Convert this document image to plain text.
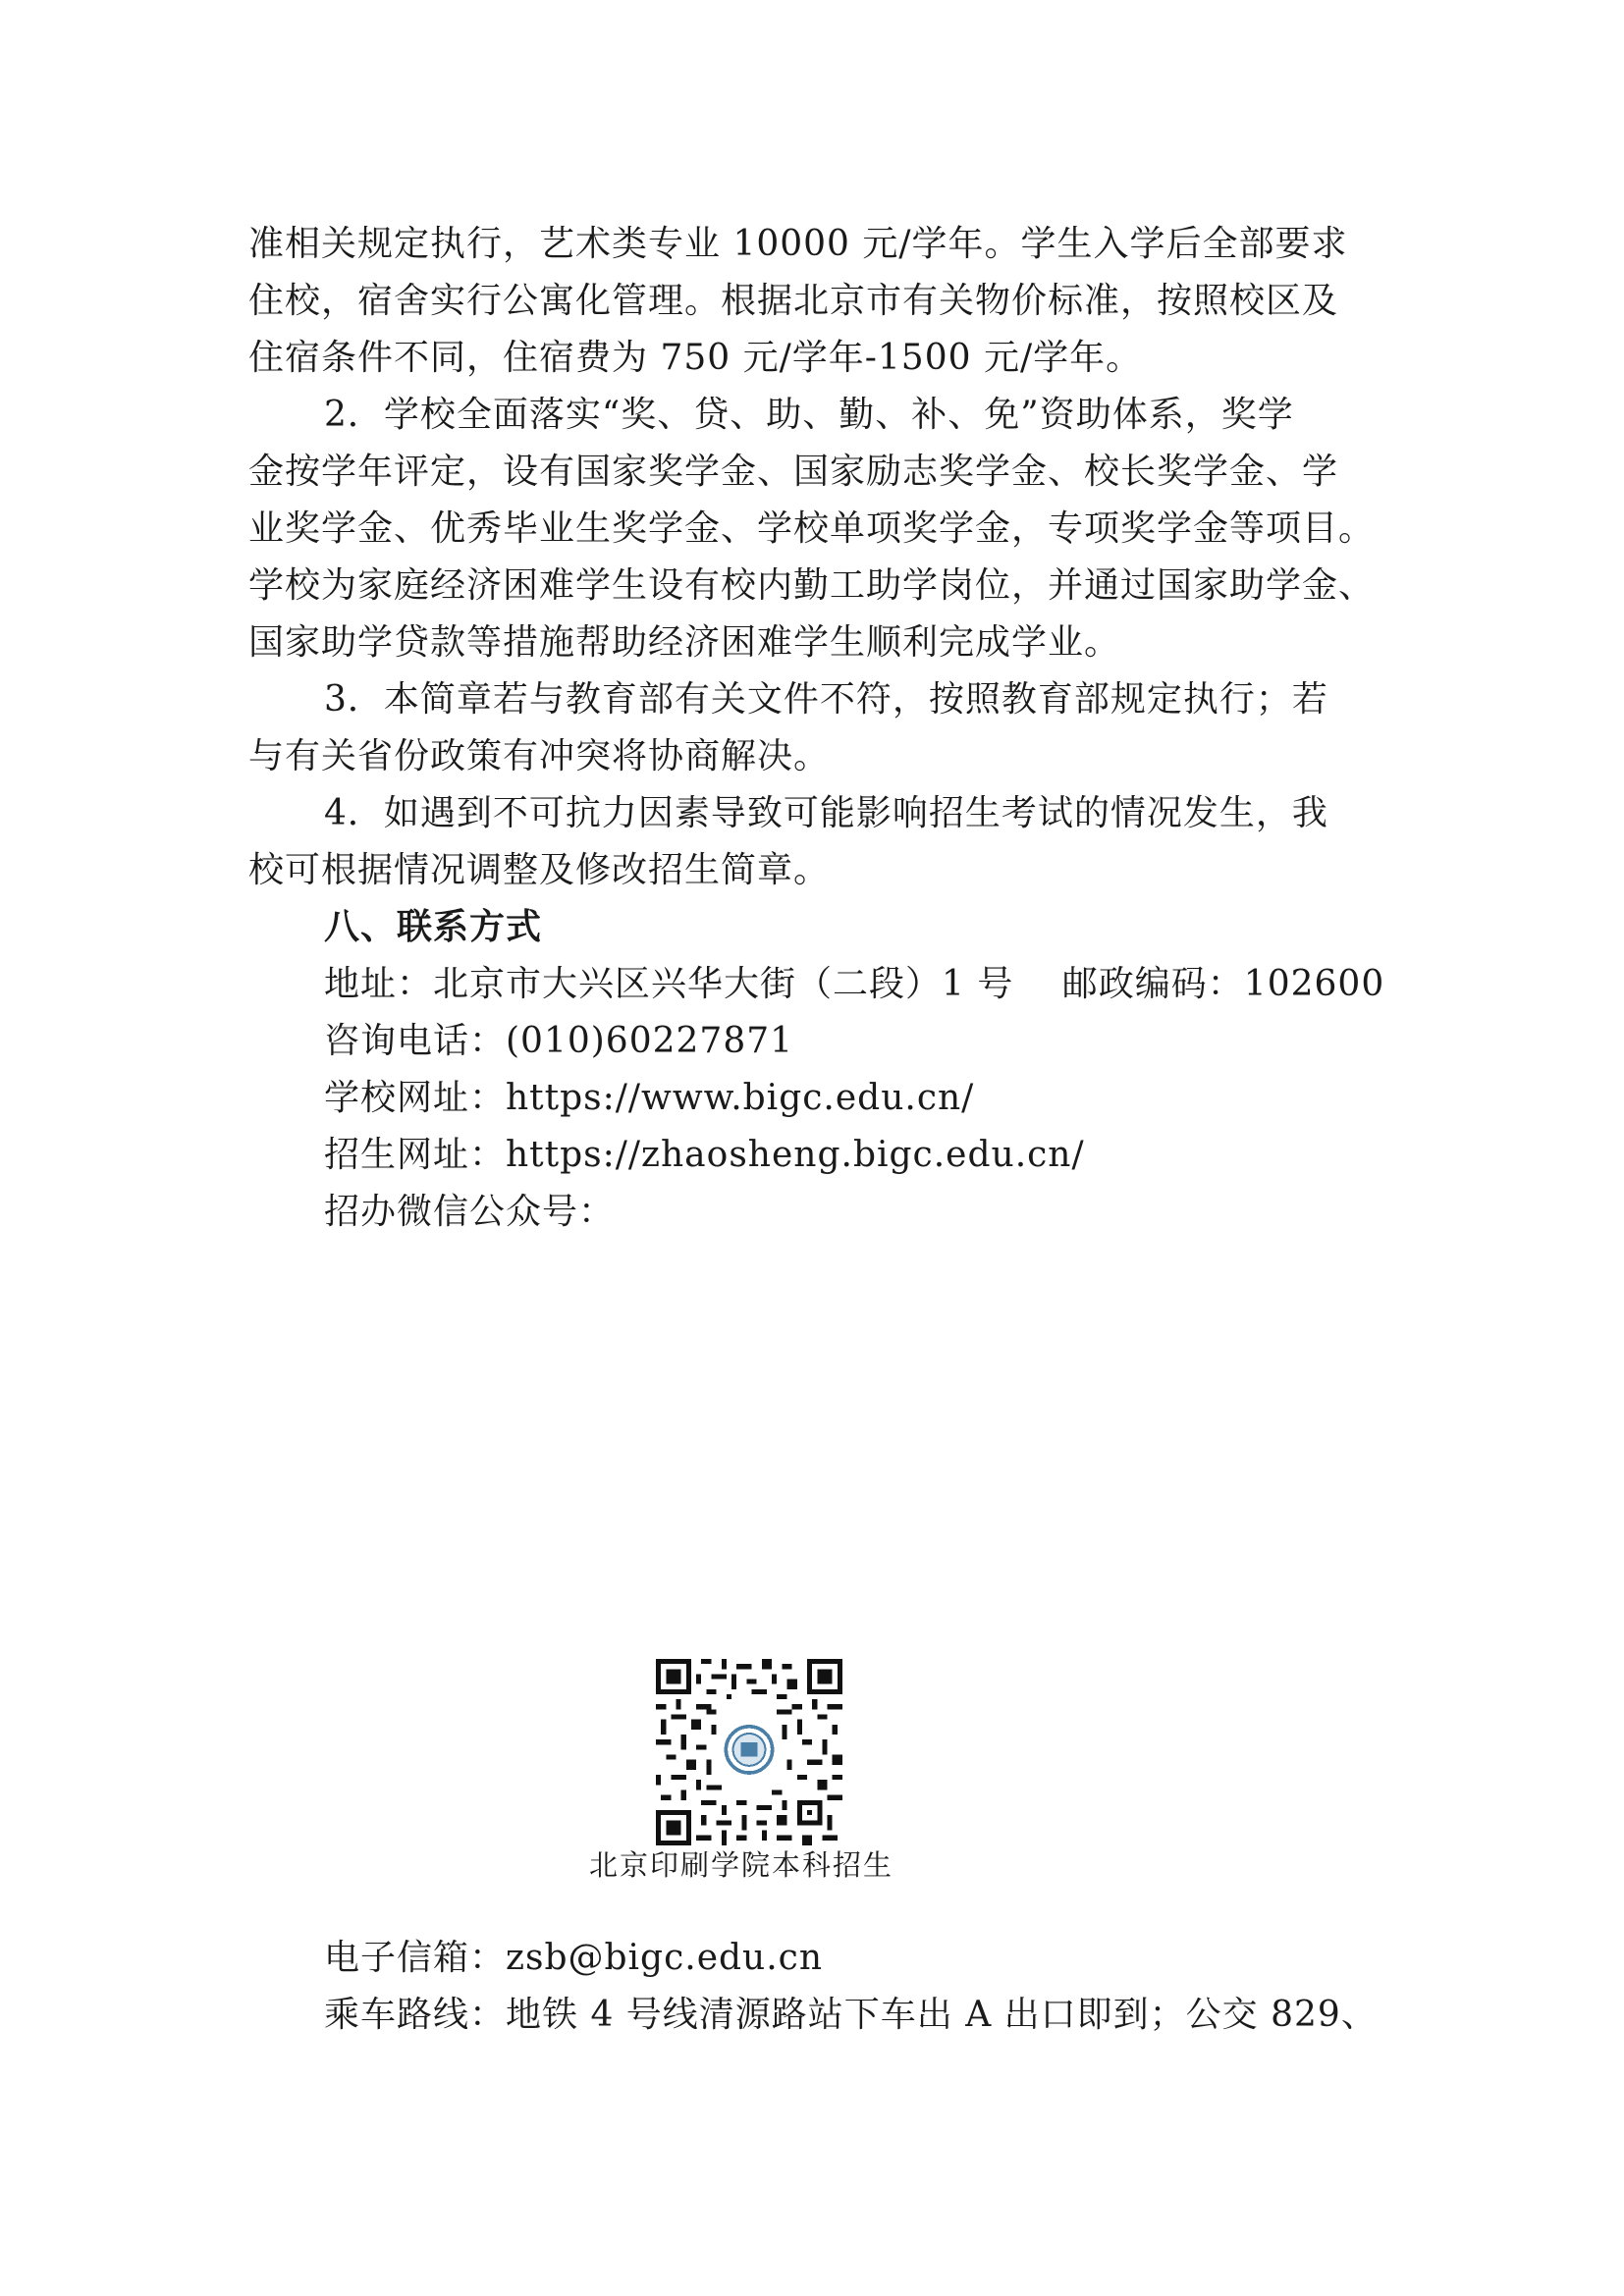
准相关规定执行，艺术类专业 10000 元/学年。学生入学后全部要求
住校，宿舍实行公寓化管理。根据北京市有关物价标准，按照校区及
住宿条件不同，住宿费为 750 元/学年-1500 元/学年。
2．学校全面落实“奖、贷、助、勤、补、免”资助体系，奖学
金按学年评定，设有国家奖学金、国家励志奖学金、校长奖学金、学
业奖学金、优秀毕业生奖学金、学校单项奖学金，专项奖学金等项目。
学校为家庭经济困难学生设有校内勤工助学岗位，并通过国家助学金、
国家助学贷款等措施帮助经济困难学生顺利完成学业。
3．本简章若与教育部有关文件不符，按照教育部规定执行；若
与有关省份政策有冲突将协商解决。
4．如遇到不可抗力因素导致可能影响招生考试的情况发生，我
校可根据情况调整及修改招生简章。
八、联系方式
地址：北京市大兴区兴华大街（二段）1 号　 邮政编码：102600
咨询电话：(010)60227871
学校网址：https://www.bigc.edu.cn/
招生网址：https://zhaosheng.bigc.edu.cn/
招办微信公众号：
北京印刷学院本科招生
电子信箱：zsb@bigc.edu.cn
乘车路线：地铁 4 号线清源路站下车出 A 出口即到；公交 829、
